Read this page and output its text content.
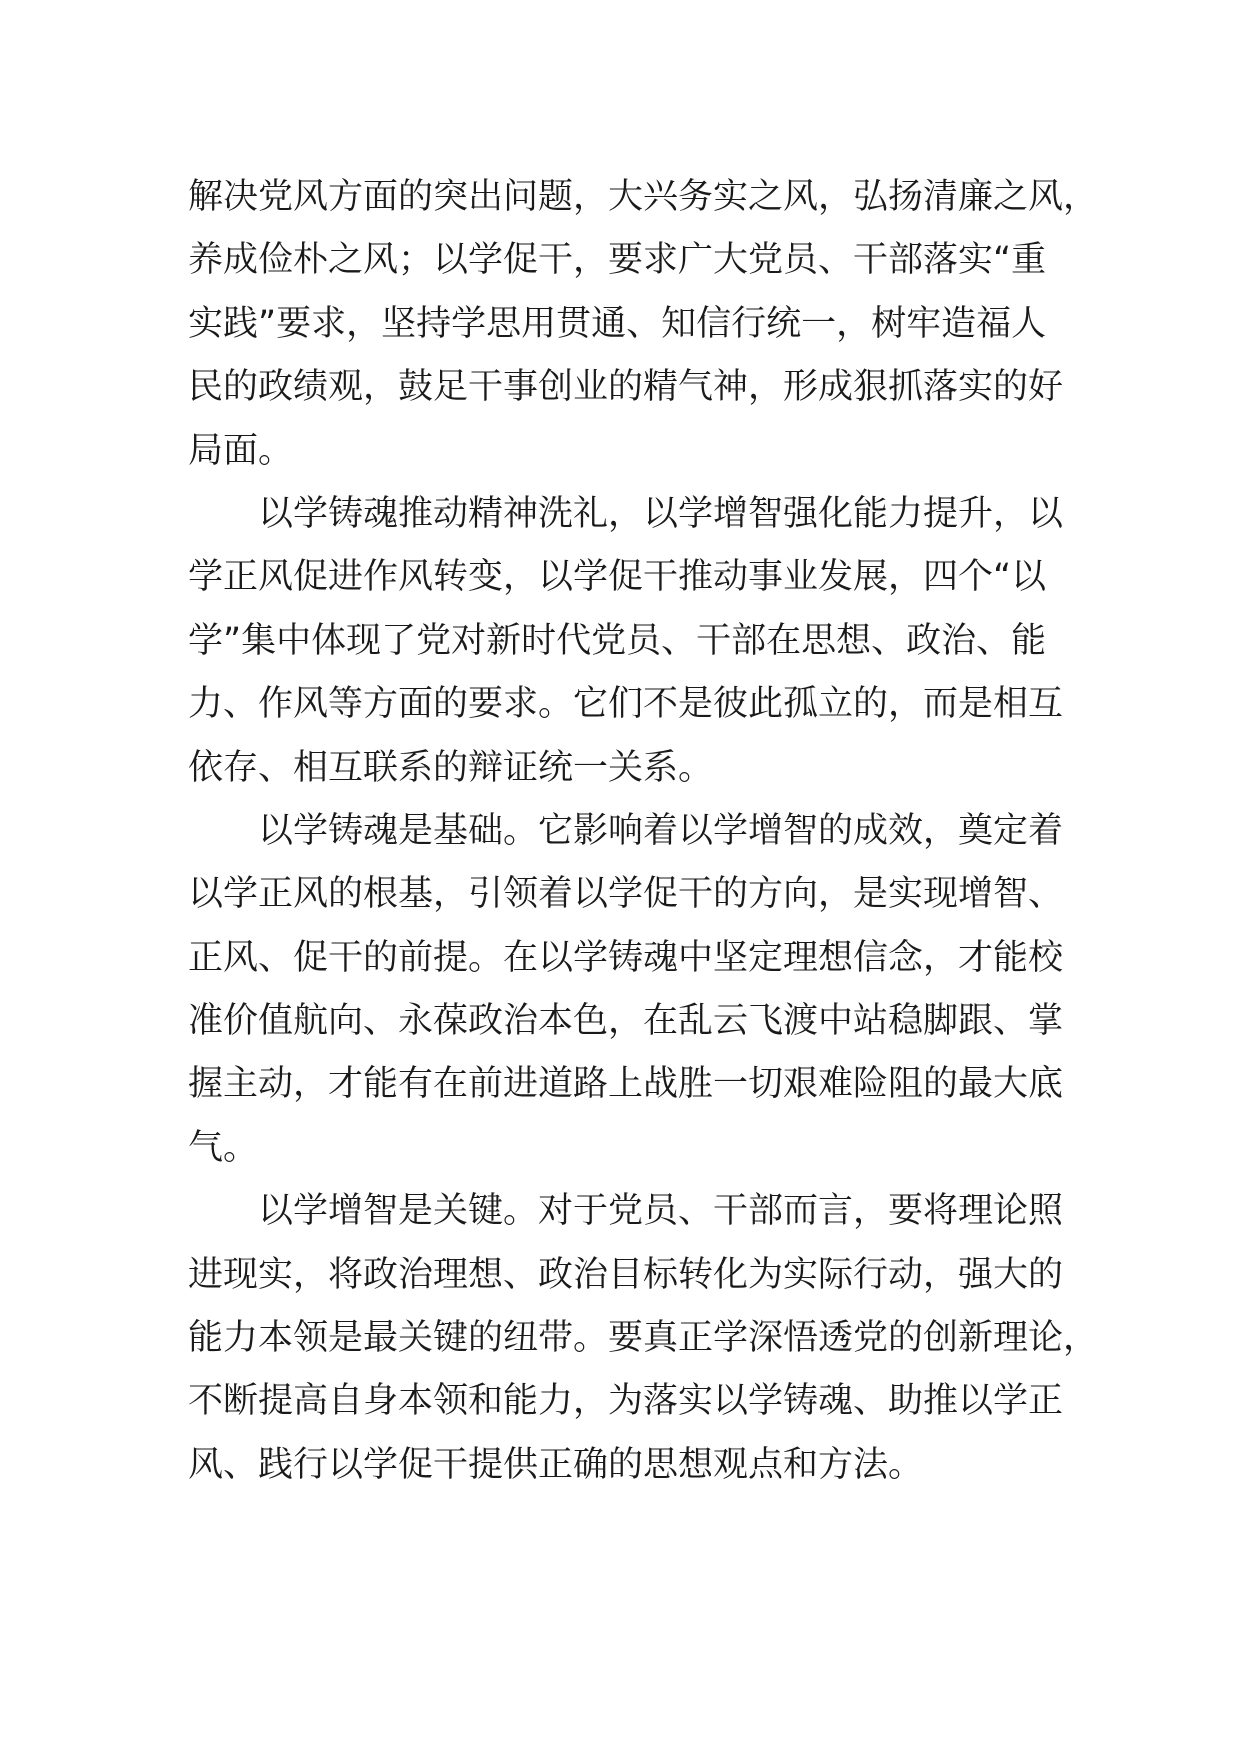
解决党风方面的突出问题，大兴务实之风，弘扬清廉之风，
养成俭朴之风；以学促干，要求广大党员、干部落实“重
实践”要求，坚持学思用贯通、知信行统一，树牢造福人
民的政绩观，鼓足干事创业的精气神，形成狠抓落实的好
局面。

以学铸魂推动精神洗礼，以学增智强化能力提升，以
学正风促进作风转变，以学促干推动事业发展，四个“以
学”集中体现了党对新时代党员、干部在思想、政治、能
力、作风等方面的要求。它们不是彼此孤立的，而是相互
依存、相互联系的辩证统一关系。

以学铸魂是基础。它影响着以学增智的成效，奠定着
以学正风的根基，引领着以学促干的方向，是实现增智、
正风、促干的前提。在以学铸魂中坚定理想信念，才能校
准价值航向、永葆政治本色，在乱云飞渡中站稳脚跟、掌
握主动，才能有在前进道路上战胜一切艰难险阻的最大底
气。

以学增智是关键。对于党员、干部而言，要将理论照
进现实，将政治理想、政治目标转化为实际行动，强大的
能力本领是最关键的纽带。要真正学深悟透党的创新理论，
不断提高自身本领和能力，为落实以学铸魂、助推以学正
风、践行以学促干提供正确的思想观点和方法。
